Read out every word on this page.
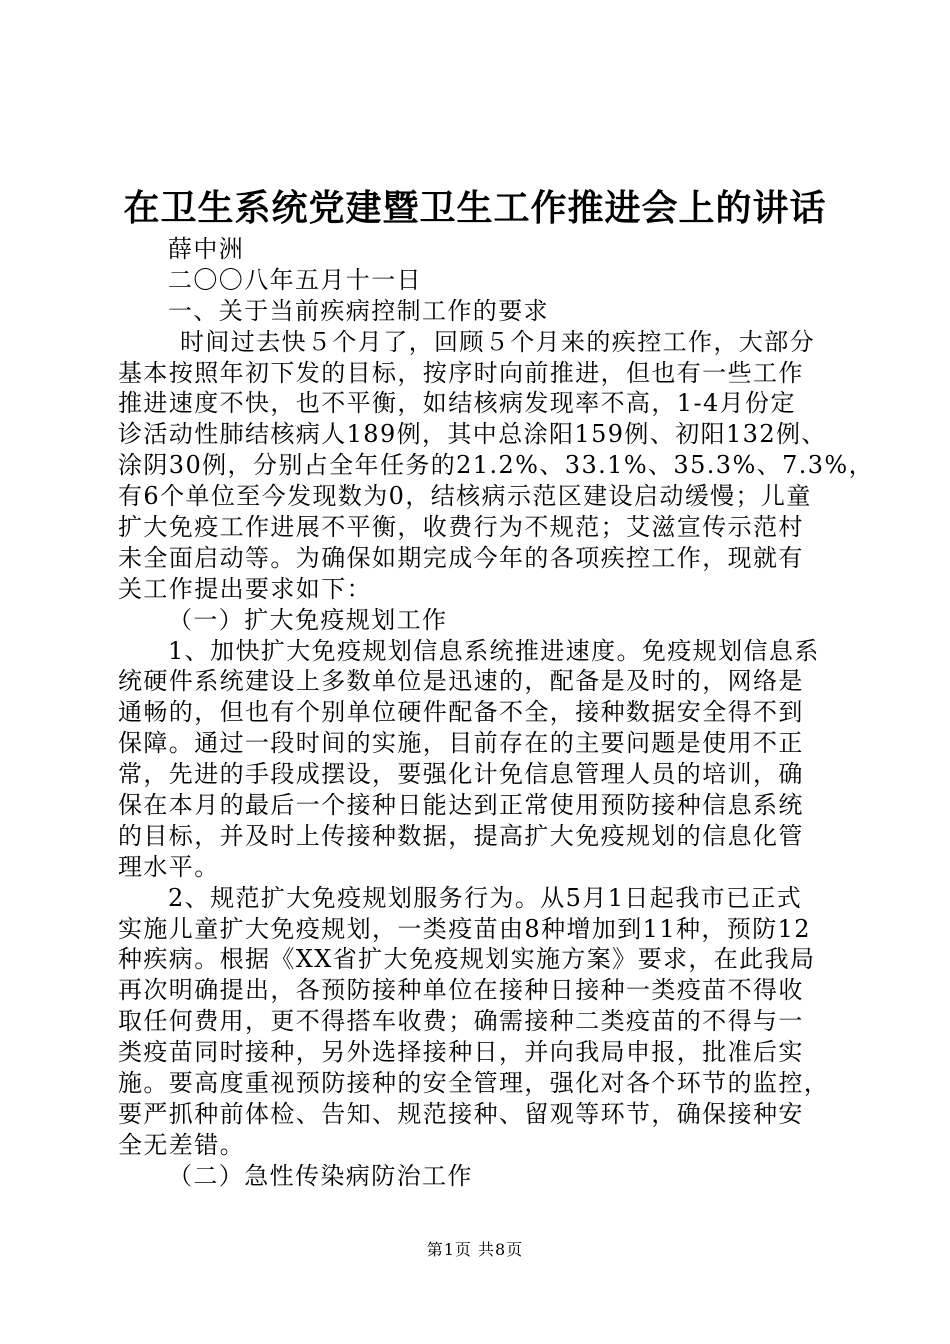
在卫生系统党建暨卫生工作推进会上的讲话
薛中洲
二〇〇八年五月十一日
一、关于当前疾病控制工作的要求
时间过去快５个月了，回顾５个月来的疾控工作，大部分
基本按照年初下发的目标，按序时向前推进，但也有一些工作
推进速度不快，也不平衡，如结核病发现率不高，1-4月份定
诊活动性肺结核病人189例，其中总涂阳159例、初阳132例、
涂阴30例，分别占全年任务的21.2%、33.1%、35.3%、7.3%，
有6个单位至今发现数为0，结核病示范区建设启动缓慢；儿童
扩大免疫工作进展不平衡，收费行为不规范；艾滋宣传示范村
未全面启动等。为确保如期完成今年的各项疾控工作，现就有
关工作提出要求如下：
（一）扩大免疫规划工作
1、加快扩大免疫规划信息系统推进速度。免疫规划信息系
统硬件系统建设上多数单位是迅速的，配备是及时的，网络是
通畅的，但也有个别单位硬件配备不全，接种数据安全得不到
保障。通过一段时间的实施，目前存在的主要问题是使用不正
常，先进的手段成摆设，要强化计免信息管理人员的培训，确
保在本月的最后一个接种日能达到正常使用预防接种信息系统
的目标，并及时上传接种数据，提高扩大免疫规划的信息化管
理水平。
2、规范扩大免疫规划服务行为。从5月1日起我市已正式
实施儿童扩大免疫规划，一类疫苗由8种增加到11种，预防12
种疾病。根据《XX省扩大免疫规划实施方案》要求，在此我局
再次明确提出，各预防接种单位在接种日接种一类疫苗不得收
取任何费用，更不得搭车收费；确需接种二类疫苗的不得与一
类疫苗同时接种，另外选择接种日，并向我局申报，批准后实
施。要高度重视预防接种的安全管理，强化对各个环节的监控，
要严抓种前体检、告知、规范接种、留观等环节，确保接种安
全无差错。
（二）急性传染病防治工作
第1页 共8页
